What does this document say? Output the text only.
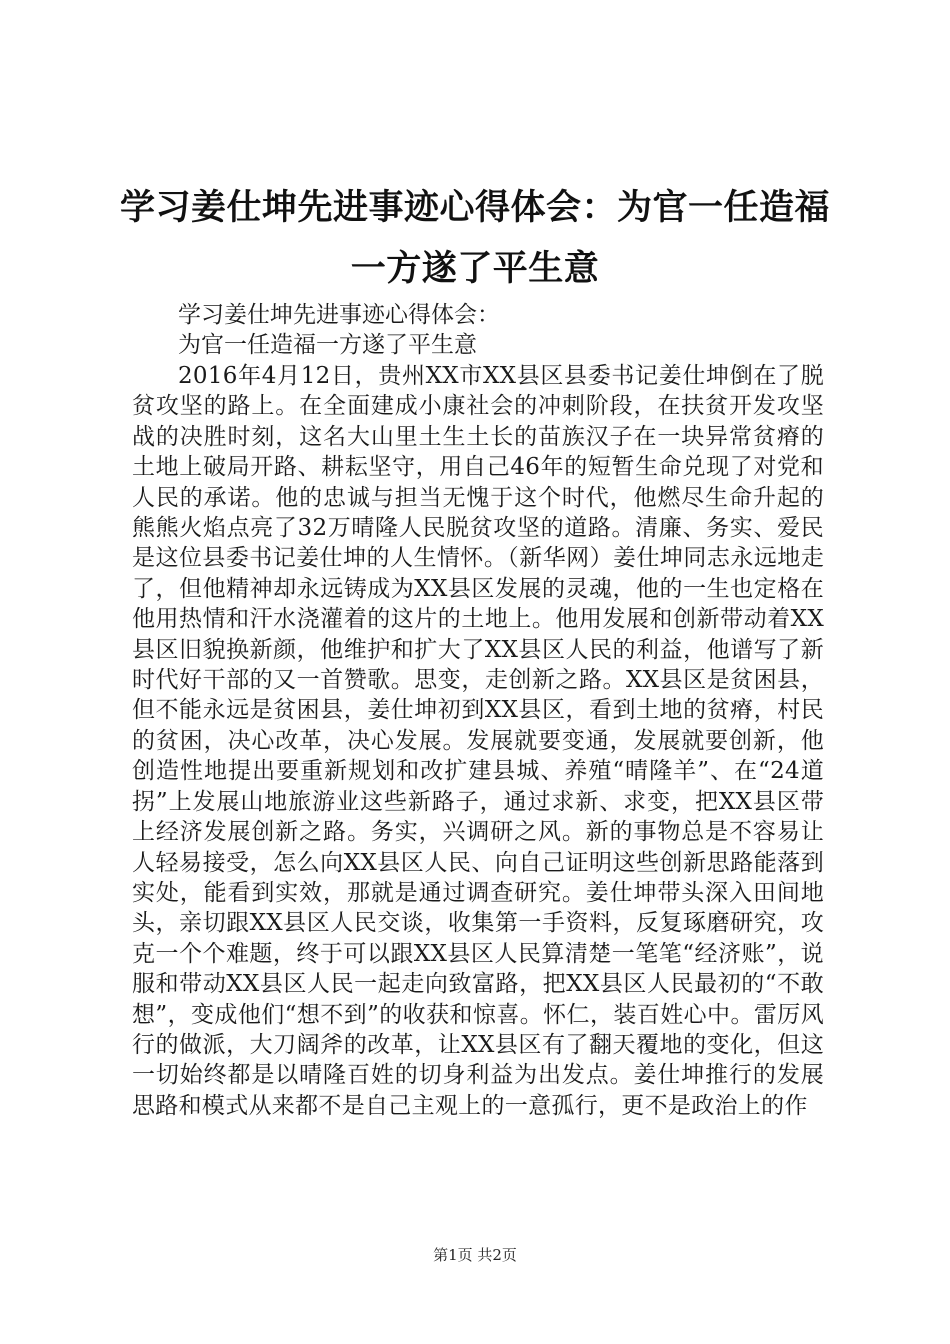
学习姜仕坤先进事迹心得体会：为官一任造福
一方遂了平生意
学习姜仕坤先进事迹心得体会：
为官一任造福一方遂了平生意

2016年4月12日，贵州XX市XX县区县委书记姜仕坤倒在了脱贫攻坚的路上。在全面建成小康社会的冲刺阶段，在扶贫开发攻坚战的决胜时刻，这名大山里土生土长的苗族汉子在一块异常贫瘠的土地上破局开路、耕耘坚守，用自己46年的短暂生命兑现了对党和人民的承诺。他的忠诚与担当无愧于这个时代，他燃尽生命升起的熊熊火焰点亮了32万晴隆人民脱贫攻坚的道路。清廉、务实、爱民是这位县委书记姜仕坤的人生情怀。（新华网）姜仕坤同志永远地走了，但他精神却永远铸成为XX县区发展的灵魂，他的一生也定格在他用热情和汗水浇灌着的这片的土地上。他用发展和创新带动着XX县区旧貌换新颜，他维护和扩大了XX县区人民的利益，他谱写了新时代好干部的又一首赞歌。思变，走创新之路。XX县区是贫困县，但不能永远是贫困县，姜仕坤初到XX县区，看到土地的贫瘠，村民的贫困，决心改革，决心发展。发展就要变通，发展就要创新，他创造性地提出要重新规划和改扩建县城、养殖“晴隆羊”、在“24道拐”上发展山地旅游业这些新路子，通过求新、求变，把XX县区带上经济发展创新之路。务实，兴调研之风。新的事物总是不容易让人轻易接受，怎么向XX县区人民、向自己证明这些创新思路能落到实处，能看到实效，那就是通过调查研究。姜仕坤带头深入田间地头，亲切跟XX县区人民交谈，收集第一手资料，反复琢磨研究，攻克一个个难题，终于可以跟XX县区人民算清楚一笔笔“经济账”，说服和带动XX县区人民一起走向致富路，把XX县区人民最初的“不敢想”，变成他们“想不到”的收获和惊喜。怀仁，装百姓心中。雷厉风行的做派，大刀阔斧的改革，让XX县区有了翻天覆地的变化，但这一切始终都是以晴隆百姓的切身利益为出发点。姜仕坤推行的发展思路和模式从来都不是自己主观上的一意孤行，更不是政治上的作

第1页 共2页
